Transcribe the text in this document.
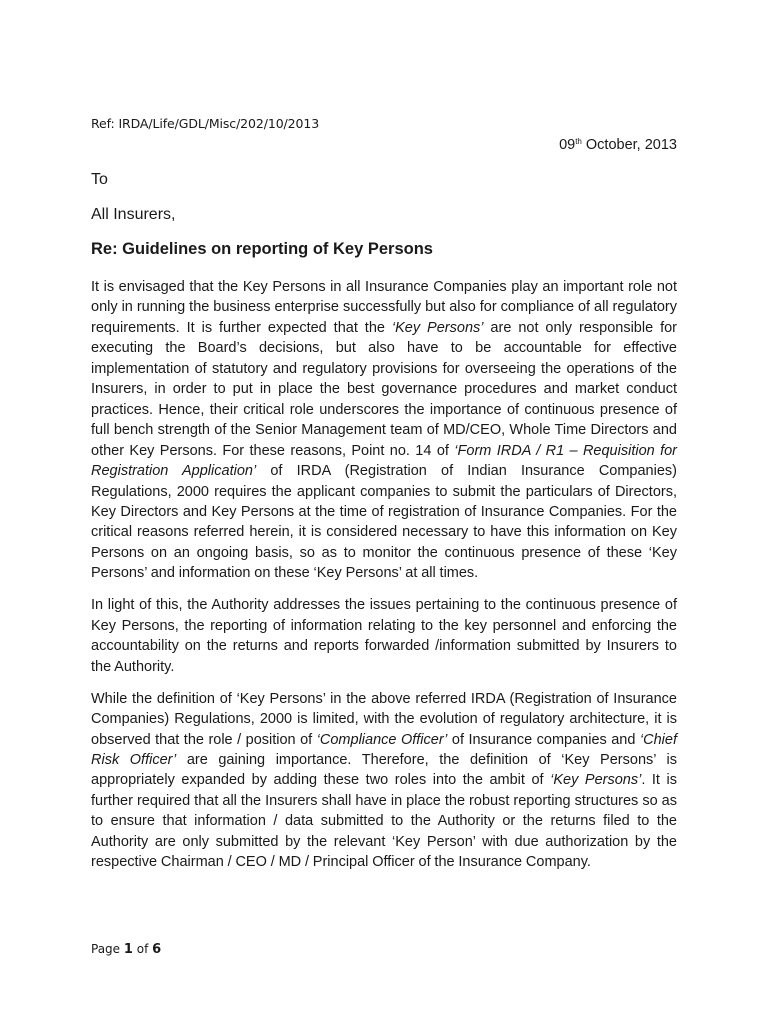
Ref: IRDA/Life/GDL/Misc/202/10/2013
09th October, 2013
To
All Insurers,
Re: Guidelines on reporting of Key Persons

It is envisaged that the Key Persons in all Insurance Companies play an important role not only in running the business enterprise successfully but also for compliance of all regulatory requirements. It is further expected that the ‘Key Persons’ are not only responsible for executing the Board’s decisions, but also have to be accountable for effective implementation of statutory and regulatory provisions for overseeing the operations of the Insurers, in order to put in place the best governance procedures and market conduct practices. Hence, their critical role underscores the importance of continuous presence of full bench strength of the Senior Management team of MD/CEO, Whole Time Directors and other Key Persons. For these reasons, Point no. 14 of ‘Form IRDA / R1 – Requisition for Registration Application’ of IRDA (Registration of Indian Insurance Companies) Regulations, 2000 requires the applicant companies to submit the particulars of Directors, Key Directors and Key Persons at the time of registration of Insurance Companies. For the critical reasons referred herein, it is considered necessary to have this information on Key Persons on an ongoing basis, so as to monitor the continuous presence of these ‘Key Persons’ and information on these ‘Key Persons’ at all times.

In light of this, the Authority addresses the issues pertaining to the continuous presence of Key Persons, the reporting of information relating to the key personnel and enforcing the accountability on the returns and reports forwarded /information submitted by Insurers to the Authority.

While the definition of ‘Key Persons’ in the above referred IRDA (Registration of Insurance Companies) Regulations, 2000 is limited, with the evolution of regulatory architecture, it is observed that the role / position of ‘Compliance Officer’ of Insurance companies and ‘Chief Risk Officer’ are gaining importance. Therefore, the definition of ‘Key Persons’ is appropriately expanded by adding these two roles into the ambit of ‘Key Persons’. It is further required that all the Insurers shall have in place the robust reporting structures so as to ensure that information / data submitted to the Authority or the returns filed to the Authority are only submitted by the relevant ‘Key Person’ with due authorization by the respective Chairman / CEO / MD / Principal Officer of the Insurance Company.

Page 1 of 6
